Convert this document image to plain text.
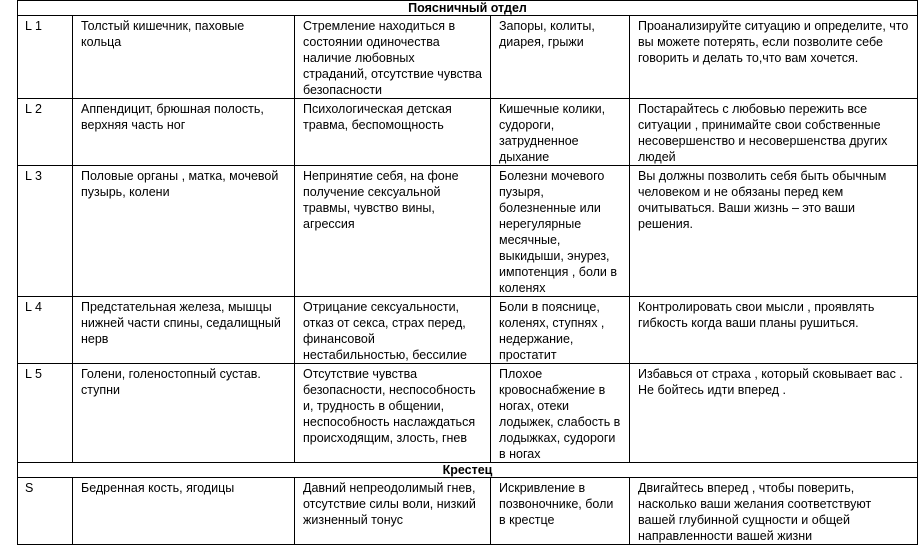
Поясничный отдел				
L 1	Толстый кишечник, паховые кольца	Стремление находиться в состоянии одиночества наличие любовных страданий, отсутствие чувства безопасности	Запоры, колиты, диарея, грыжи	Проанализируйте ситуацию и определите, что вы можете потерять, если позволите себе говорить и делать то,что вам хочется.
L 2	Аппендицит, брюшная полость, верхняя часть ног	Психологическая детская травма, беспомощность	Кишечные колики, судороги, затрудненное дыхание	Постарайтесь с любовью пережить все ситуации , принимайте свои собственные несовершенство и несовершенства других людей
L 3	Половые органы , матка, мочевой пузырь, колени	Непринятие себя, на фоне получение сексуальной травмы, чувство вины, агрессия	Болезни мочевого пузыря, болезненные или нерегулярные месячные, выкидыши, энурез, импотенция , боли в коленях	Вы должны позволить себя быть обычным человеком и не обязаны перед кем очитываться. Ваши жизнь – это ваши решения.
L 4	Предстательная железа, мышцы нижней части спины, седалищный нерв	Отрицание сексуальности, отказ от секса, страх перед, финансовой нестабильностью, бессилие	Боли в пояснице, коленях, ступнях , недержание, простатит	Контролировать свои мысли , проявлять гибкость когда ваши планы рушиться.
L 5	Голени, голеностопный сустав. ступни	Отсутствие чувства безопасности, неспособность и, трудность в общении, неспособность наслаждаться происходящим, злость, гнев	Плохое кровоснабжение в ногах, отеки лодыжек, слабость в лодыжках, судороги в ногах	Избавься от страха , который сковывает вас . Не бойтесь идти вперед .
Крестец				
S	Бедренная кость, ягодицы	Давний непреодолимый гнев, отсутствие силы воли, низкий жизненный тонус	Искривление в позвоночнике, боли в крестце	Двигайтесь вперед , чтобы поверить, насколько ваши желания соответствуют вашей глубинной сущности и общей направленности вашей жизни
